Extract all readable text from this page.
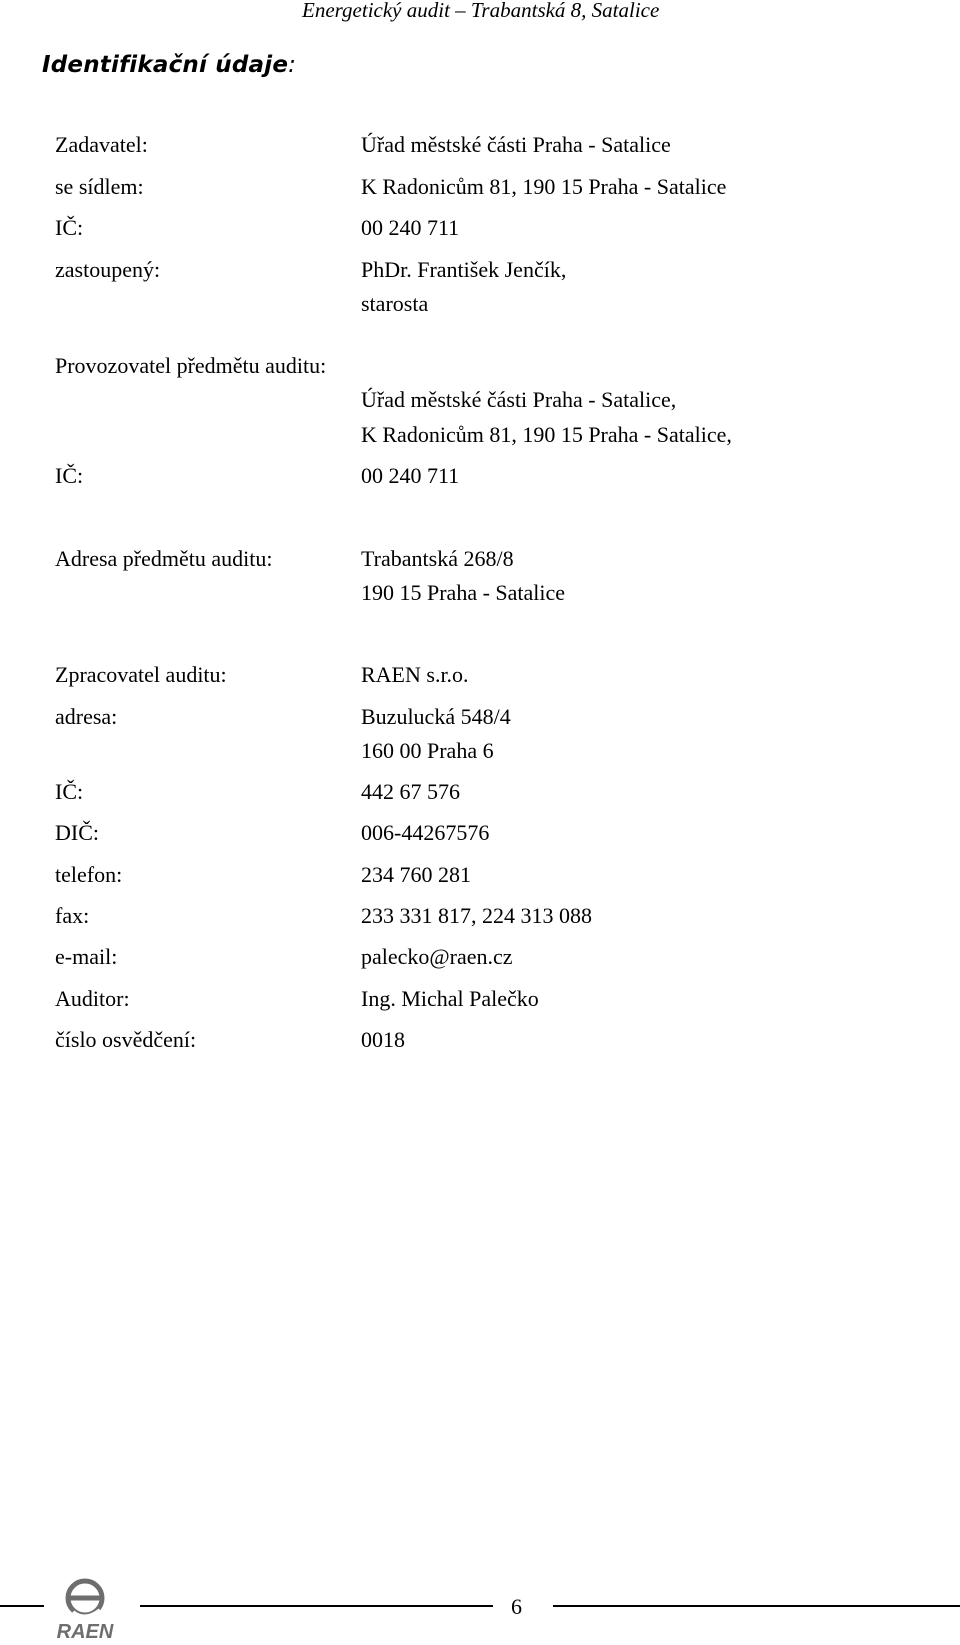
Energetický audit – Trabantská 8, Satalice
Identifikační údaje:
Zadavatel:	Úřad městské části Praha - Satalice
se sídlem:	K Radonicům 81, 190 15 Praha - Satalice
IČ:	00 240 711
zastoupený:	PhDr. František Jenčík,
starosta
Provozovatel předmětu auditu:
Úřad městské části Praha - Satalice,
K Radonicům 81, 190 15 Praha - Satalice,
IČ:	00 240 711
Adresa předmětu auditu:	Trabantská 268/8
190 15 Praha - Satalice
Zpracovatel auditu:	RAEN s.r.o.
adresa:	Buzulucká 548/4
160 00 Praha 6
IČ:	442 67 576
DIČ:	006-44267576
telefon:	234 760 281
fax:	233 331 817, 224 313 088
e-mail:	palecko@raen.cz
Auditor:	Ing. Michal Palečko
číslo osvědčení:	0018
6
RAEN
